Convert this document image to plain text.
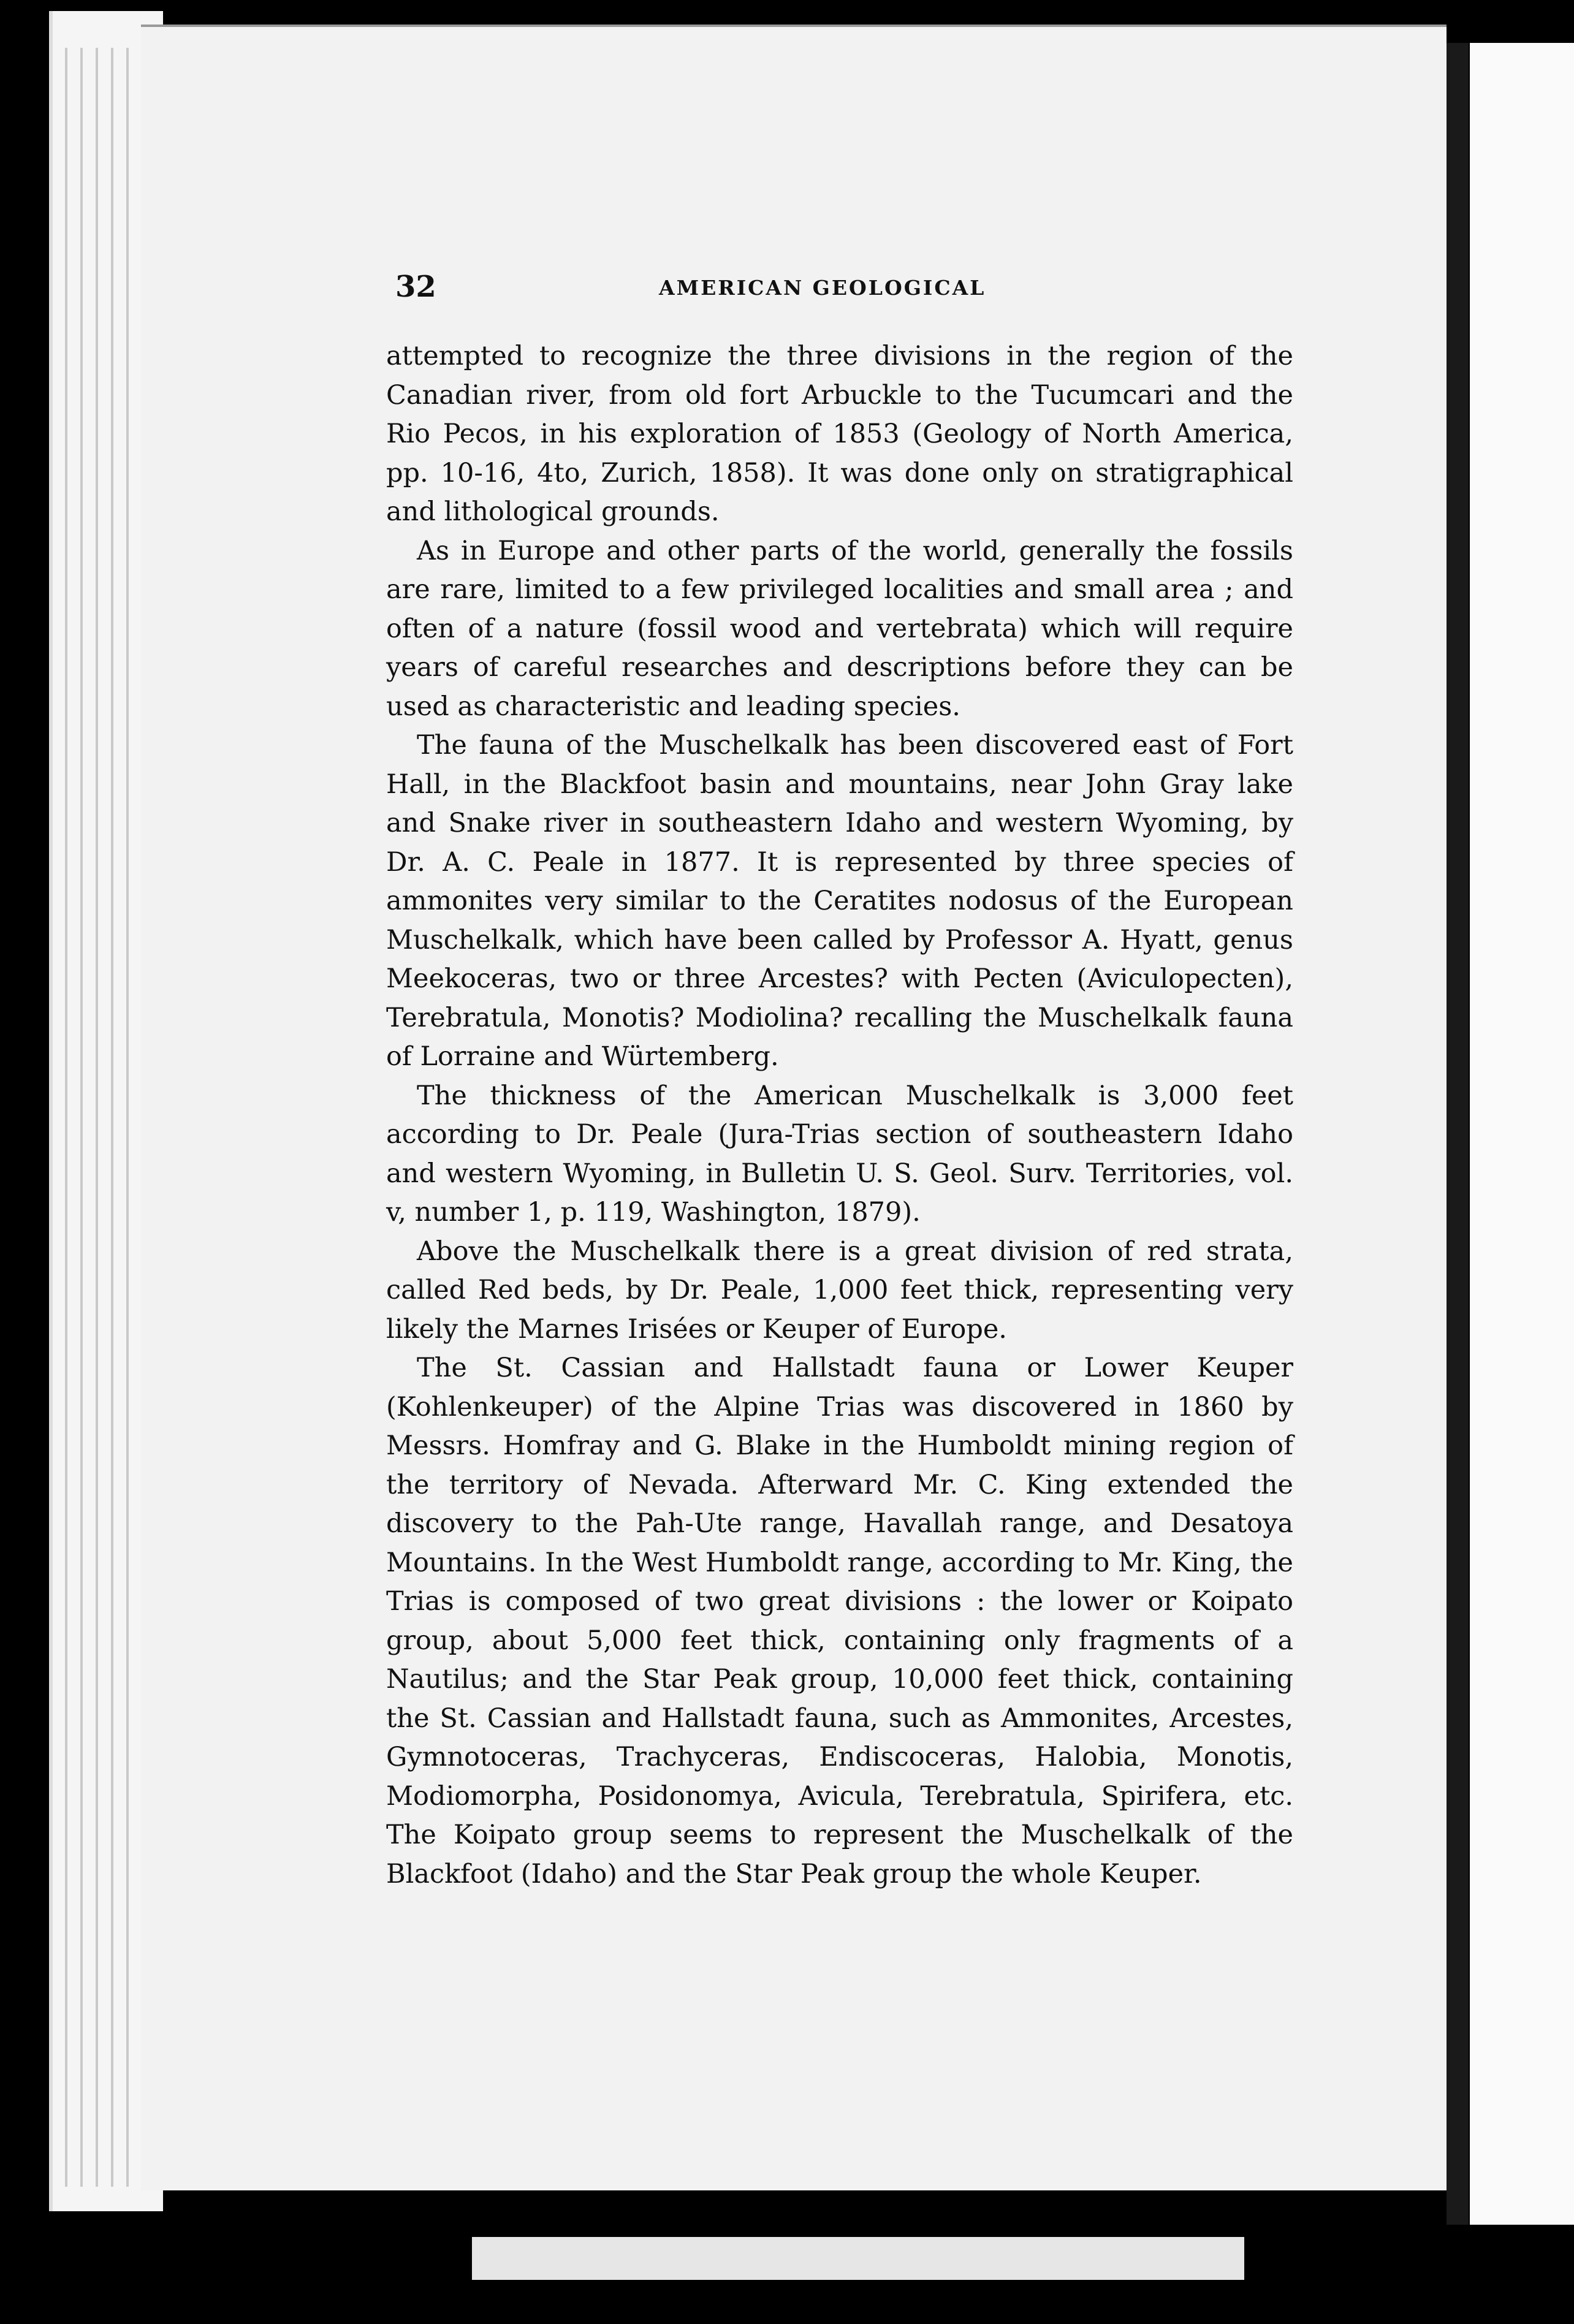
32	AMERICAN GEOLOGICAL

attempted to recognize the three divisions in the region of the Canadian river, from old fort Arbuckle to the Tucumcari and the Rio Pecos, in his exploration of 1853 (Geology of North America, pp. 10-16, 4to, Zurich, 1858). It was done only on stratigraphical and lithological grounds.

As in Europe and other parts of the world, generally the fossils are rare, limited to a few privileged localities and small area ; and often of a nature (fossil wood and vertebrata) which will require years of careful researches and descriptions before they can be used as characteristic and leading species.

The fauna of the Muschelkalk has been discovered east of Fort Hall, in the Blackfoot basin and mountains, near John Gray lake and Snake river in southeastern Idaho and western Wyoming, by Dr. A. C. Peale in 1877. It is represented by three species of ammonites very similar to the Ceratites nodosus of the European Muschelkalk, which have been called by Professor A. Hyatt, genus Meekoceras, two or three Arcestes? with Pecten (Aviculopecten), Terebratula, Monotis? Modiolina? recalling the Muschelkalk fauna of Lorraine and Würtemberg.

The thickness of the American Muschelkalk is 3,000 feet according to Dr. Peale (Jura-Trias section of southeastern Idaho and western Wyoming, in Bulletin U. S. Geol. Surv. Territories, vol. v, number 1, p. 119, Washington, 1879).

Above the Muschelkalk there is a great division of red strata, called Red beds, by Dr. Peale, 1,000 feet thick, representing very likely the Marnes Irisées or Keuper of Europe.

The St. Cassian and Hallstadt fauna or Lower Keuper (Kohlenkeuper) of the Alpine Trias was discovered in 1860 by Messrs. Homfray and G. Blake in the Humboldt mining region of the territory of Nevada. Afterward Mr. C. King extended the discovery to the Pah-Ute range, Havallah range, and Desatoya Mountains. In the West Humboldt range, according to Mr. King, the Trias is composed of two great divisions : the lower or Koipato group, about 5,000 feet thick, containing only fragments of a Nautilus; and the Star Peak group, 10,000 feet thick, containing the St. Cassian and Hallstadt fauna, such as Ammonites, Arcestes, Gymnotoceras, Trachyceras, Endiscoceras, Halobia, Monotis, Modiomorpha, Posidonomya, Avicula, Terebratula, Spirifera, etc. The Koipato group seems to represent the Muschelkalk of the Blackfoot (Idaho) and the Star Peak group the whole Keuper.
